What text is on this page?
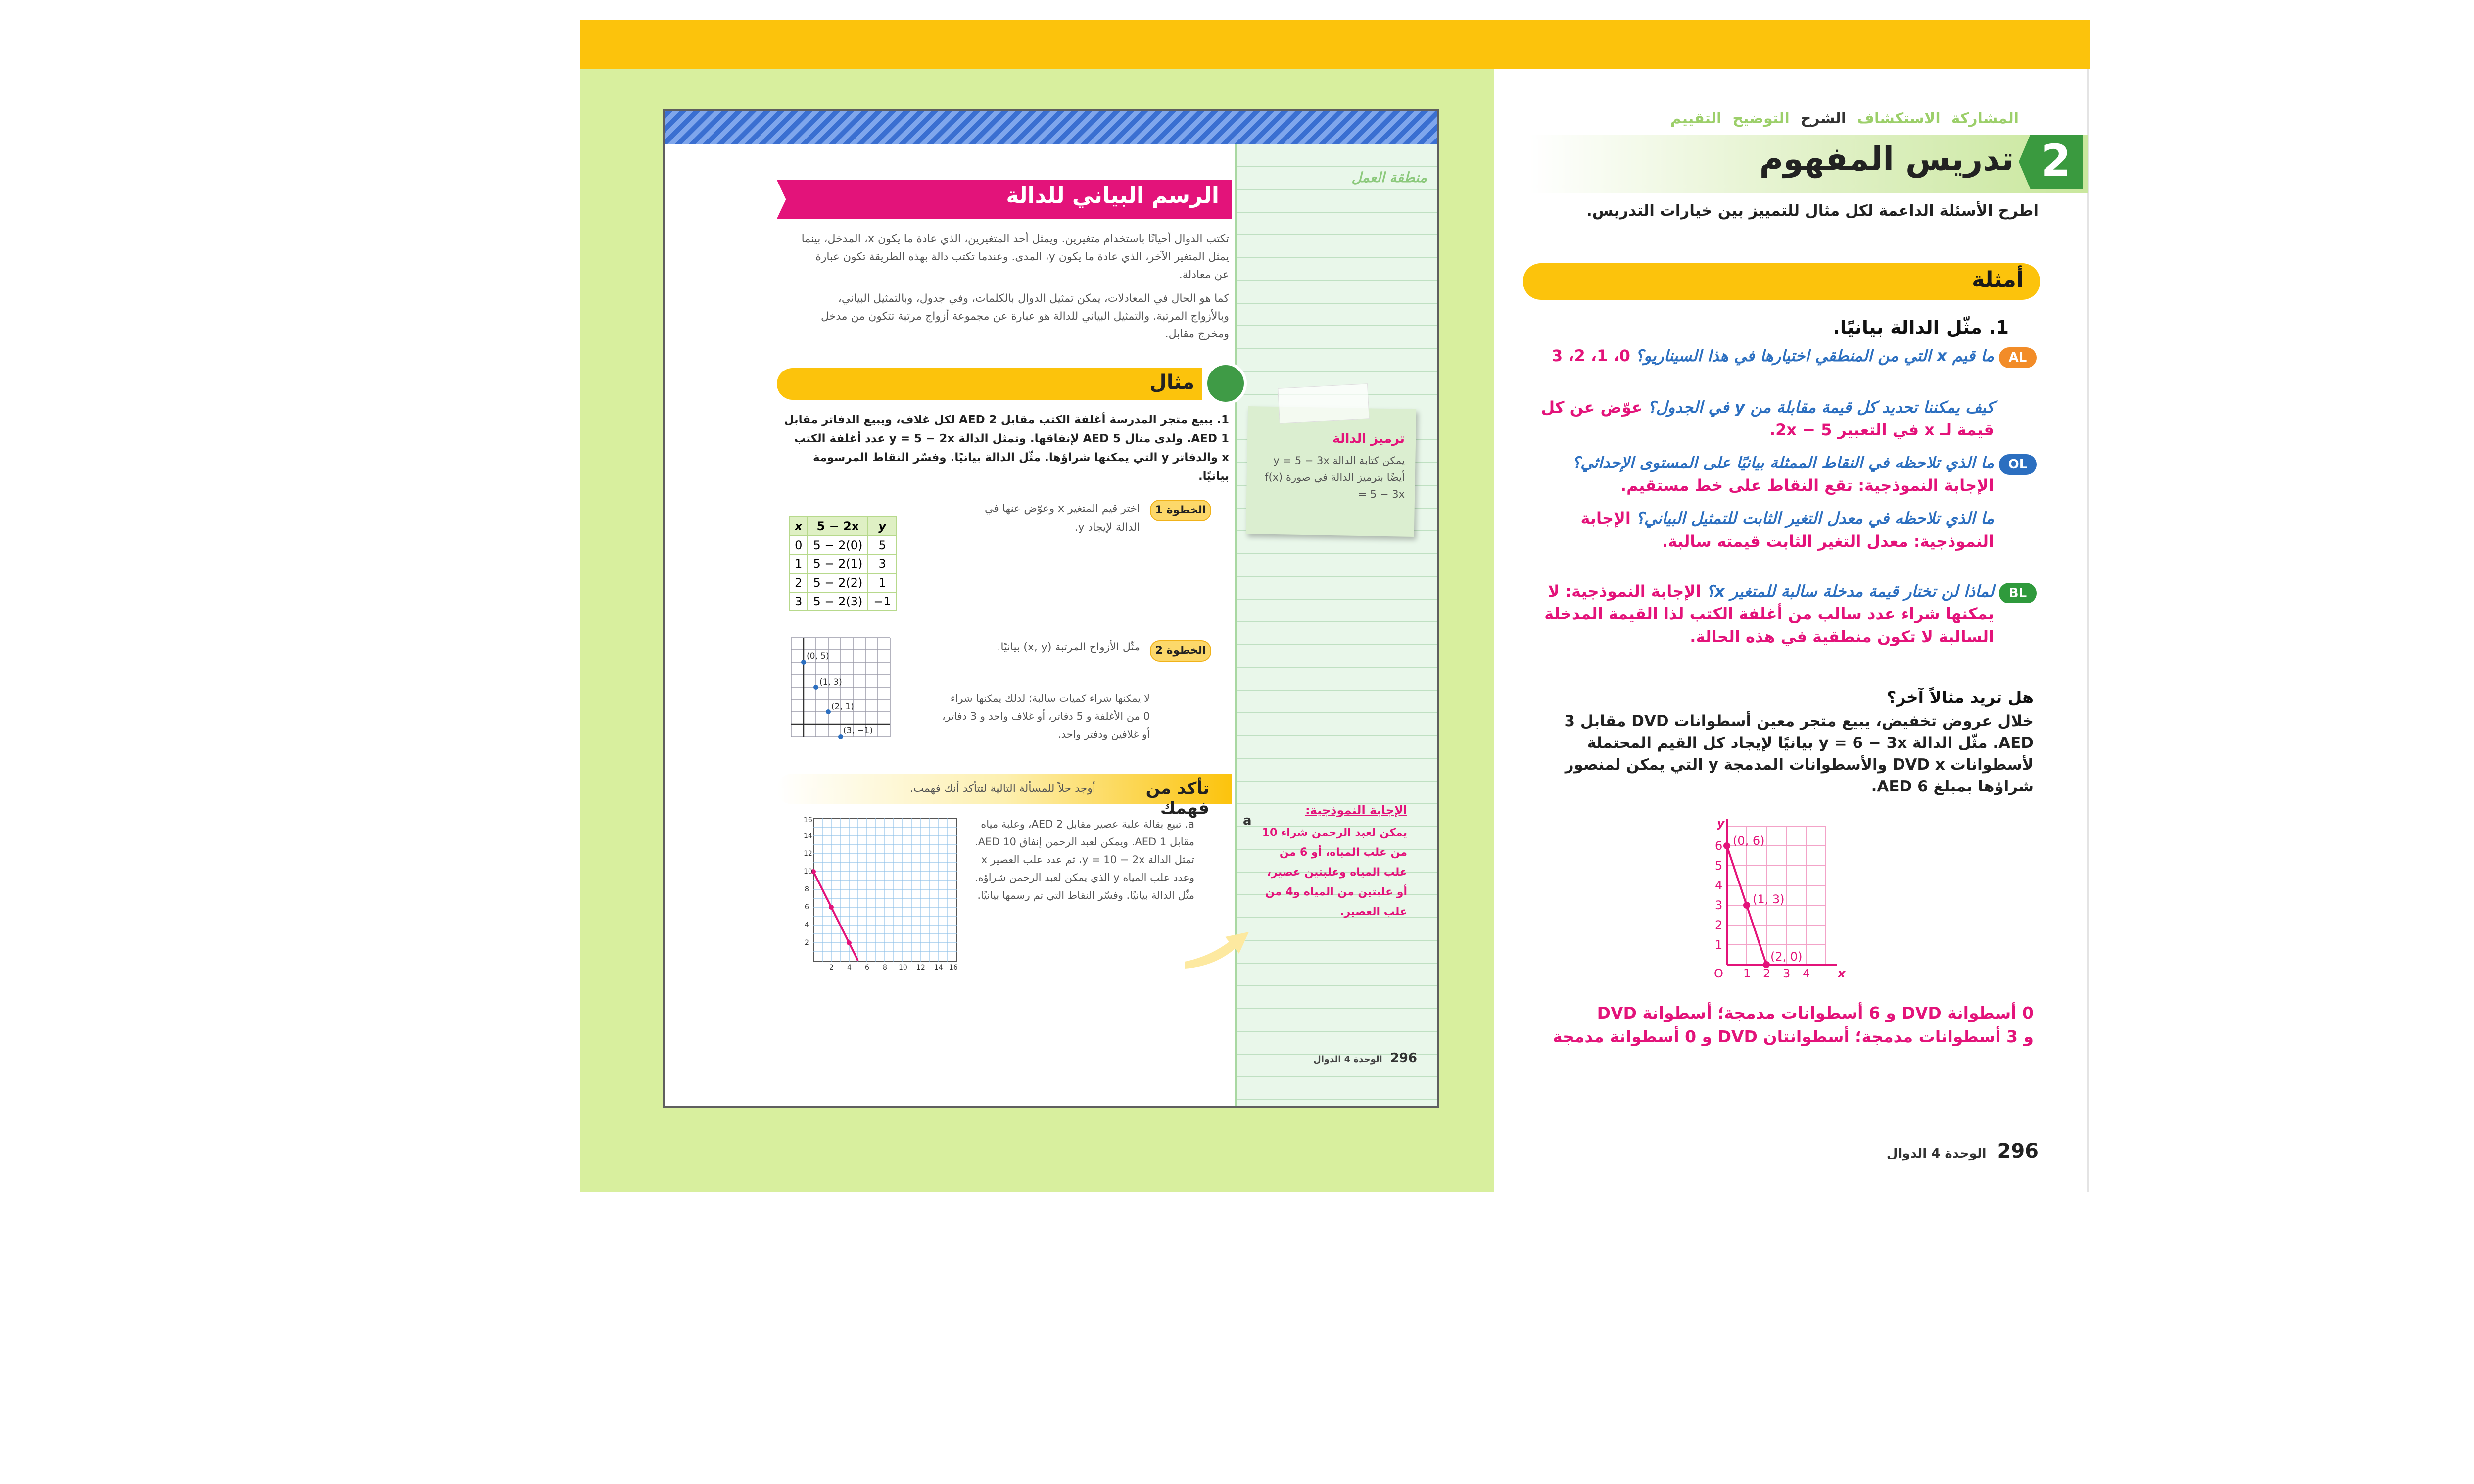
المشاركة
الاستكشاف
الشرح
التوضيح
التقييم
2
تدريس المفهوم
اطرح الأسئلة الداعمة لكل مثال للتمييز بين خيارات التدريس.
أمثلة
1. مثّل الدالة بيانيًا.
AL
ما قيم x التي من المنطقي اختيارها في هذا السيناريو؟ 0، 1، 2، 3
كيف يمكننا تحديد كل قيمة مقابلة من y في الجدول؟ عوّض عن كل قيمة لـ x في التعبير 2x − 5.
OL
ما الذي تلاحظه في النقاط الممثلة بيانيًا على المستوى الإحداثي؟ الإجابة النموذجية: تقع النقاط على خط مستقيم.
ما الذي تلاحظه في معدل التغير الثابت للتمثيل البياني؟ الإجابة النموذجية: معدل التغير الثابت قيمته سالبة.
BL
لماذا لن تختار قيمة مدخلة سالبة للمتغير x؟ الإجابة النموذجية: لا يمكنها شراء عدد سالب من أغلفة الكتب لذا القيمة المدخلة السالبة لا تكون منطقية في هذه الحالة.
هل تريد مثالاً آخر؟
خلال عروض تخفيض، يبيع متجر معين أسطوانات DVD مقابل 3 AED. مثّل الدالة y = 6 − 3x بيانيًا لإيجاد كل القيم المحتملة لأسطوانات DVD x والأسطوانات المدمجة y التي يمكن لمنصور شراؤها بمبلغ 6 AED.
(0, 6)
(1, 3)
(2, 0)
y
x
O 1 2 3 4
1
2
3
4
5
6
0 أسطوانة DVD و 6 أسطوانات مدمجة؛ أسطوانة DVD
و 3 أسطوانات مدمجة؛ أسطوانتان DVD و 0 أسطوانة مدمجة
296
الوحدة 4 الدوال
منطقة العمل
ترميز الدالة
يمكن كتابة الدالة y = 5 − 3x أيضًا بترميز الدالة في صورة f(x) = 5 − 3x
الرسم البياني للدالة
تكتب الدوال أحيانًا باستخدام متغيرين. ويمثل أحد المتغيرين، الذي عادة ما يكون x، المدخل، بينما يمثل المتغير الآخر، الذي عادة ما يكون y، المدى. وعندما تكتب دالة بهذه الطريقة تكون عبارة عن معادلة.
كما هو الحال في المعادلات، يمكن تمثيل الدوال بالكلمات، وفي جدول، وبالتمثيل البياني، وبالأزواج المرتبة. والتمثيل البياني للدالة هو عبارة عن مجموعة أزواج مرتبة تتكون من مدخل ومخرج مقابل.
مثال
1. يبيع متجر المدرسة أغلفة الكتب مقابل 2 AED لكل غلاف، ويبيع الدفاتر مقابل 1 AED. ولدى منال 5 AED لإنفاقها. وتمثل الدالة y = 5 − 2x عدد أغلفة الكتب x والدفاتر y التي يمكنها شراؤها. مثّل الدالة بيانيًا. وفسّر النقاط المرسومة بيانيًا.
الخطوة 1
اختر قيم المتغير x وعوّض عنها في الدالة لإيجاد y.
x	5 − 2x	y
0	5 − 2(0)	5
1	5 − 2(1)	3
2	5 − 2(2)	1
3	5 − 2(3)	−1
الخطوة 2
مثّل الأزواج المرتبة (x, y) بيانيًا.
لا يمكنها شراء كميات سالبة؛ لذلك يمكنها شراء 0 من الأغلفة و 5 دفاتر، أو غلاف واحد و 3 دفاتر، أو غلافين ودفتر واحد.
(0, 5)
(1, 3)
(2, 1)
(3, −1)
تأكد من فهمك
أوجد حلاً للمسألة التالية لتتأكد أنك فهمت.
2 4 6 8 10 12 14 16
2
4
6
8
10
12
14
16	a. تبيع بقالة علبة عصير مقابل 2 AED، وعلبة مياه مقابل 1 AED. ويمكن لعبد الرحمن إنفاق 10 AED. تمثل الدالة y = 10 − 2x، ثم عدد علب العصير x وعدد علب المياه y الذي يمكن لعبد الرحمن شراؤه. مثّل الدالة بيانيًا. وفسّر النقاط التي تم رسمها بيانيًا.
a
الإجابة النموذجية:
يمكن لعبد الرحمن شراء 10 من علب المياه، أو 6 من علب المياه وعلبتين عصير، أو علبتين من المياه و4 من علب العصير.
296
الوحدة 4 الدوال
